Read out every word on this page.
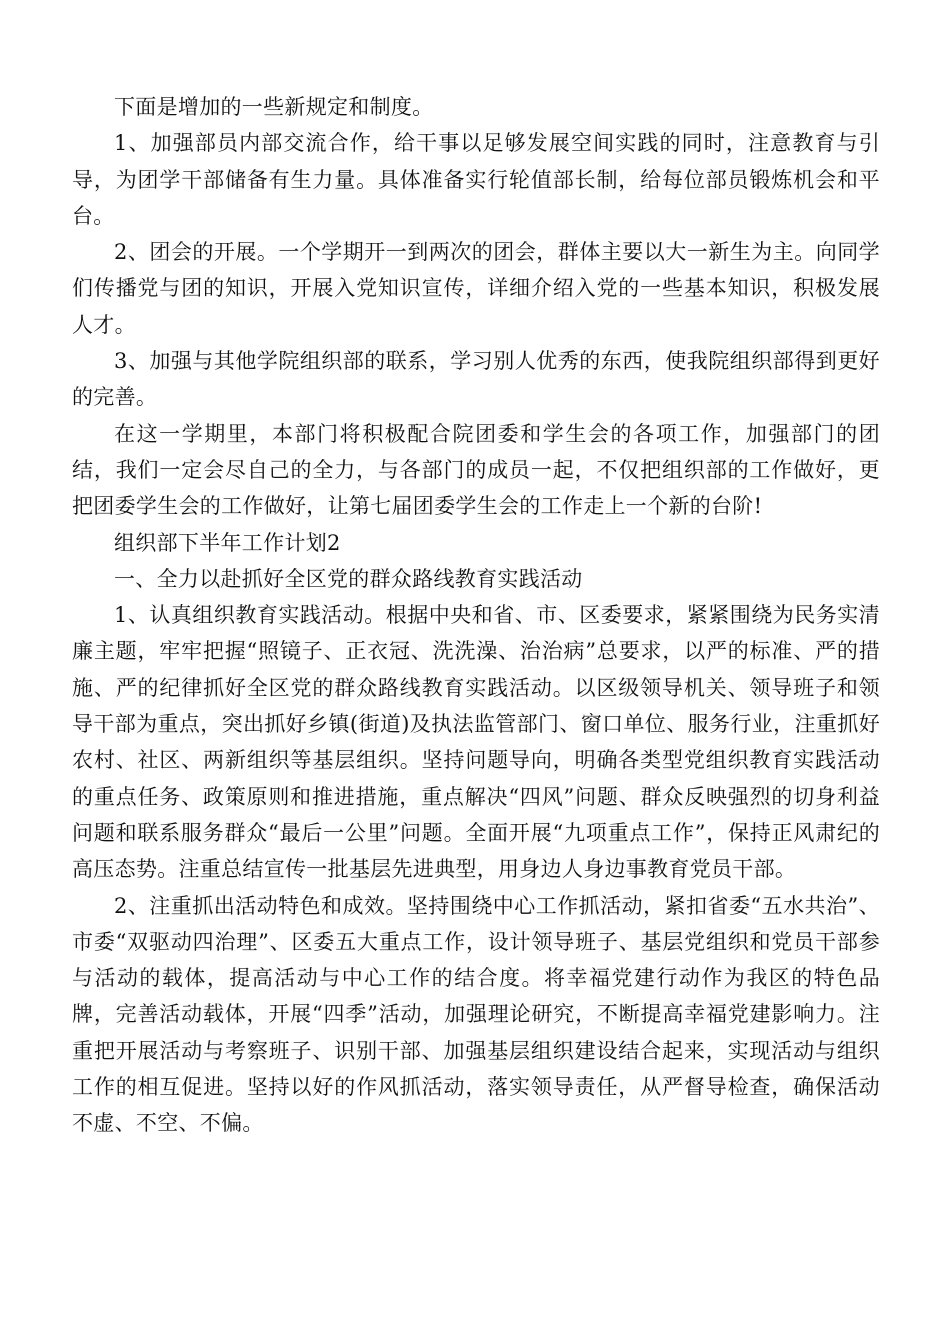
下面是增加的一些新规定和制度。

1、加强部员内部交流合作，给干事以足够发展空间实践的同时，注意教育与引导，为团学干部储备有生力量。具体准备实行轮值部长制，给每位部员锻炼机会和平台。

2、团会的开展。一个学期开一到两次的团会，群体主要以大一新生为主。向同学们传播党与团的知识，开展入党知识宣传，详细介绍入党的一些基本知识，积极发展人才。

3、加强与其他学院组织部的联系，学习别人优秀的东西，使我院组织部得到更好的完善。

在这一学期里，本部门将积极配合院团委和学生会的各项工作，加强部门的团结，我们一定会尽自己的全力，与各部门的成员一起，不仅把组织部的工作做好，更把团委学生会的工作做好，让第七届团委学生会的工作走上一个新的台阶!

组织部下半年工作计划2

一、全力以赴抓好全区党的群众路线教育实践活动

1、认真组织教育实践活动。根据中央和省、市、区委要求，紧紧围绕为民务实清廉主题，牢牢把握“照镜子、正衣冠、洗洗澡、治治病”总要求，以严的标准、严的措施、严的纪律抓好全区党的群众路线教育实践活动。以区级领导机关、领导班子和领导干部为重点，突出抓好乡镇(街道)及执法监管部门、窗口单位、服务行业，注重抓好农村、社区、两新组织等基层组织。坚持问题导向，明确各类型党组织教育实践活动的重点任务、政策原则和推进措施，重点解决“四风”问题、群众反映强烈的切身利益问题和联系服务群众“最后一公里”问题。全面开展“九项重点工作”，保持正风肃纪的高压态势。注重总结宣传一批基层先进典型，用身边人身边事教育党员干部。

2、注重抓出活动特色和成效。坚持围绕中心工作抓活动，紧扣省委“五水共治”、市委“双驱动四治理”、区委五大重点工作，设计领导班子、基层党组织和党员干部参与活动的载体，提高活动与中心工作的结合度。将幸福党建行动作为我区的特色品牌，完善活动载体，开展“四季”活动，加强理论研究，不断提高幸福党建影响力。注重把开展活动与考察班子、识别干部、加强基层组织建设结合起来，实现活动与组织工作的相互促进。坚持以好的作风抓活动，落实领导责任，从严督导检查，确保活动不虚、不空、不偏。
